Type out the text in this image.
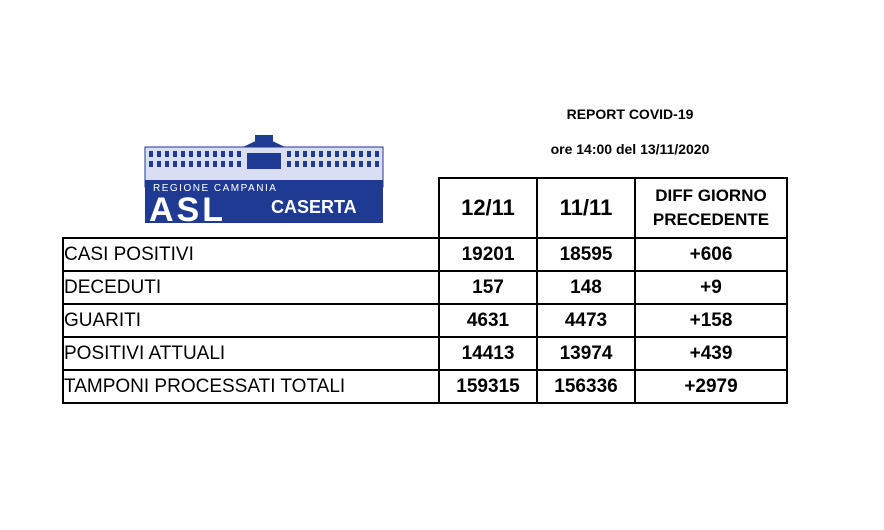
REPORT COVID-19
ore 14:00 del 13/11/2020
REGIONE CAMPANIA
ASL	CASERTA
		12/11	11/11	DIFF GIORNO PRECEDENTE
CASI POSITIVI	19201	18595	+606
DECEDUTI	157	148	+9
GUARITI	4631	4473	+158
POSITIVI ATTUALI	14413	13974	+439
TAMPONI PROCESSATI TOTALI	159315	156336	+2979
